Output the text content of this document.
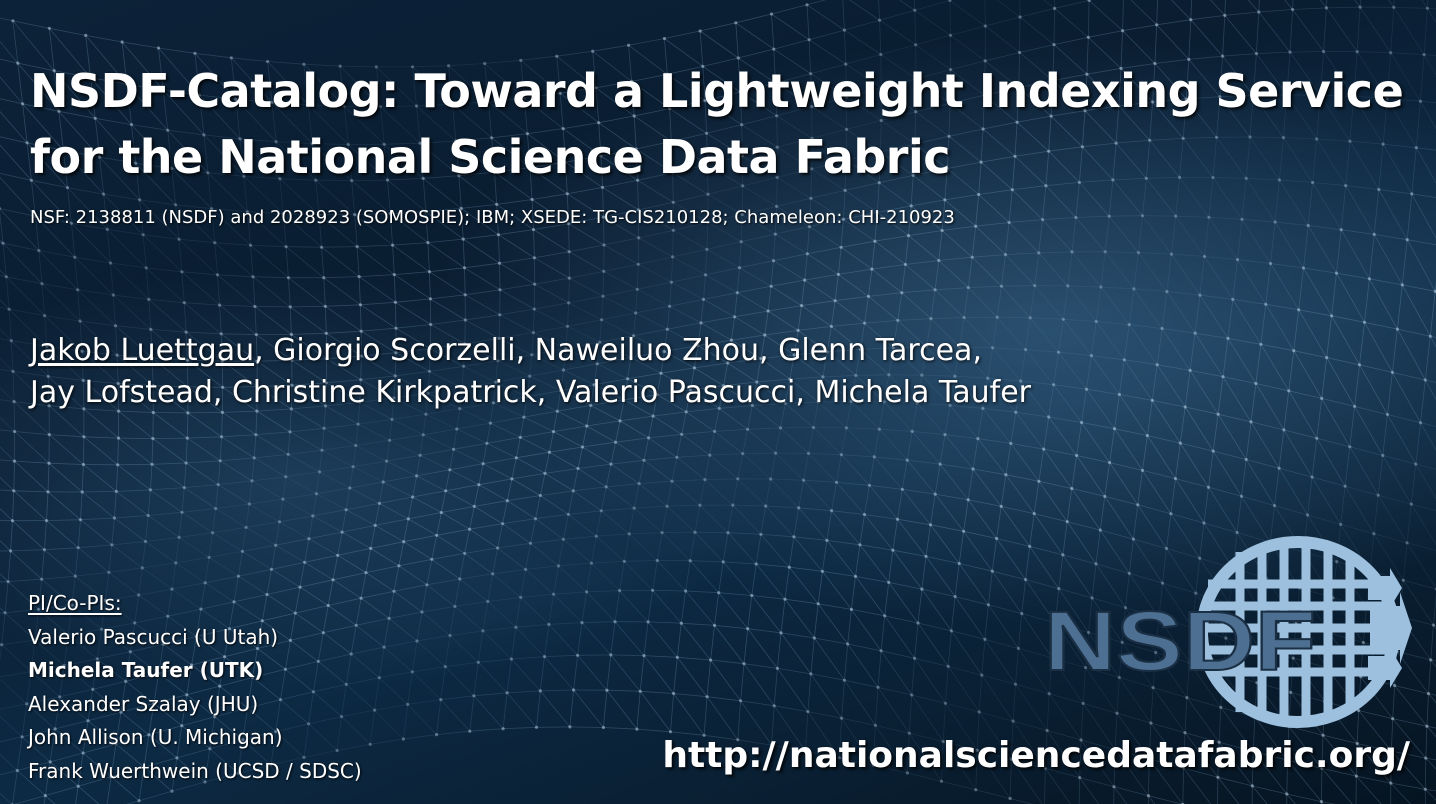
NSDF-Catalog: Toward a Lightweight Indexing Service
for the National Science Data Fabric
NSF: 2138811 (NSDF) and 2028923 (SOMOSPIE); IBM; XSEDE: TG-CIS210128; Chameleon: CHI-210923
Jakob Luettgau, Giorgio Scorzelli, Naweiluo Zhou, Glenn Tarcea,
Jay Lofstead, Christine Kirkpatrick, Valerio Pascucci, Michela Taufer
PI/Co-PIs:
Valerio Pascucci (U Utah)
Michela Taufer (UTK)
Alexander Szalay (JHU)
John Allison (U. Michigan)
Frank Wuerthwein (UCSD / SDSC)
NSDF
http://nationalsciencedatafabric.org/
